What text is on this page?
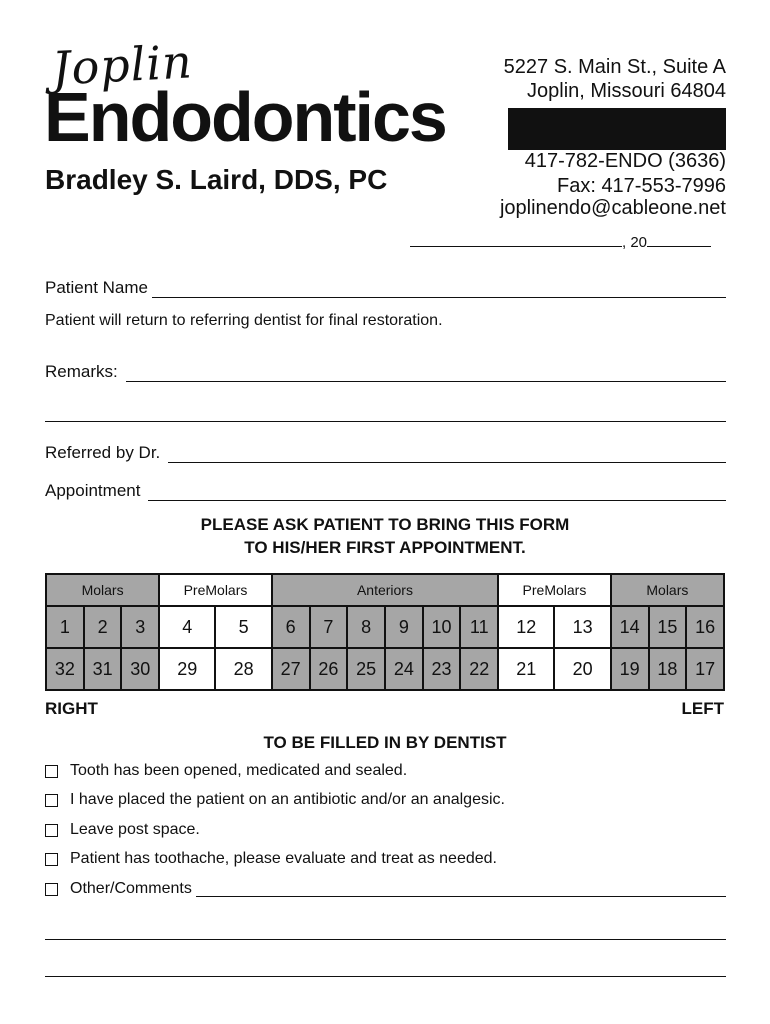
Joplin
Endodontics
Bradley S. Laird, DDS, PC
5227 S. Main St., Suite A
Joplin, Missouri 64804
417-782-ENDO (3636)
Fax: 417-553-7996
joplinendo@cableone.net
, 20
Patient Name
Patient will return to referring dentist for final restoration.
Remarks:
Referred by Dr.
Appointment
PLEASE ASK PATIENT TO BRING THIS FORM
TO HIS/HER FIRST APPOINTMENT.
Molars			PreMolars		Anteriors						PreMolars		Molars		
1	2	3	4	5	6	7	8	9	10	11	12	13	14	15	16
32	31	30	29	28	27	26	25	24	23	22	21	20	19	18	17
RIGHT	LEFT
TO BE FILLED IN BY DENTIST
Tooth has been opened, medicated and sealed.
I have placed the patient on an antibiotic and/or an analgesic.
Leave post space.
Patient has toothache, please evaluate and treat as needed.
Other/Comments
